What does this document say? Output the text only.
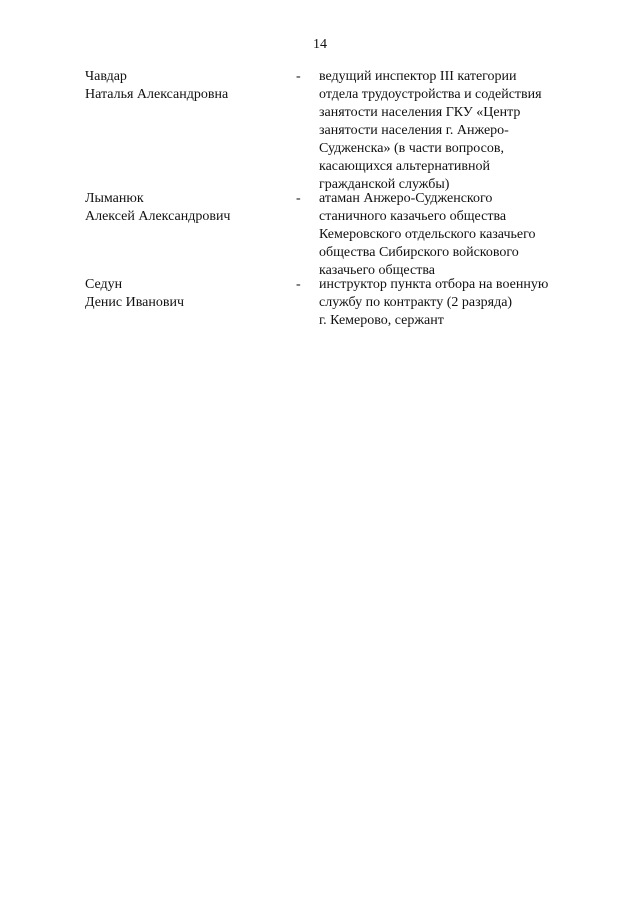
14
Чавдар
Наталья Александровна
-	ведущий инспектор III категории
отдела трудоустройства и содействия
занятости населения ГКУ «Центр
занятости населения г. Анжеро-
Судженска» (в части вопросов,
касающихся альтернативной
гражданской службы)
Лыманюк
Алексей Александрович
-	атаман Анжеро-Судженского
станичного казачьего общества
Кемеровского отдельского казачьего
общества Сибирского войскового
казачьего общества
Седун
Денис Иванович
-	инструктор пункта отбора на военную
службу по контракту (2 разряда)
г. Кемерово, сержант
